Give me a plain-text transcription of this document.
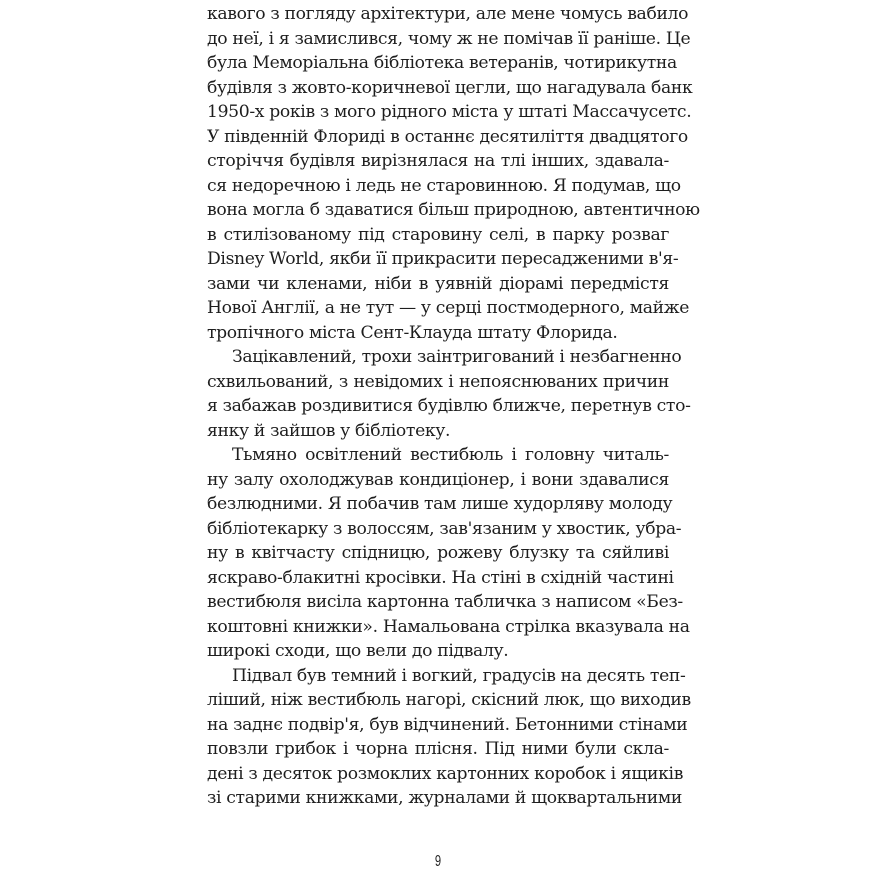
кавого з погляду архітектури, але мене чомусь вабило
до неї, і я замислився, чому ж не помічав її раніше. Це
була Меморіальна бібліотека ветеранів, чотирикутна
будівля з жовто-коричневої цегли, що нагадувала банк
1950-х років з мого рідного міста у штаті Массачусетс.
У південній Флориді в останнє десятиліття двадцятого
сторіччя будівля вирізнялася на тлі інших, здавала-
ся недоречною і ледь не старовинною. Я подумав, що
вона могла б здаватися більш природною, автентичною
в стилізованому під старовину селі, в парку розваг
Disney World, якби її прикрасити пересадженими в'я-
зами чи кленами, ніби в уявній діорамі передмістя
Нової Англії, а не тут — у серці постмодерного, майже
тропічного міста Сент-Клауда штату Флорида.
Зацікавлений, трохи заінтригований і незбагненно
схвильований, з невідомих і непояснюваних причин
я забажав роздивитися будівлю ближче, перетнув сто-
янку й зайшов у бібліотеку.
Тьмяно освітлений вестибюль і головну читаль-
ну залу охолоджував кондиціонер, і вони здавалися
безлюдними. Я побачив там лише худорляву молоду
бібліотекарку з волоссям, зав'язаним у хвостик, убра-
ну в квітчасту спідницю, рожеву блузку та сяйливі
яскраво-блакитні кросівки. На стіні в східній частині
вестибюля висіла картонна табличка з написом «Без-
коштовні книжки». Намальована стрілка вказувала на
широкі сходи, що вели до підвалу.
Підвал був темний і вогкий, градусів на десять теп-
ліший, ніж вестибюль нагорі, скісний люк, що виходив
на заднє подвір'я, був відчинений. Бетонними стінами
повзли грибок і чорна плісня. Під ними були скла-
дені з десяток розмоклих картонних коробок і ящиків
зі старими книжками, журналами й щоквартальними
9
